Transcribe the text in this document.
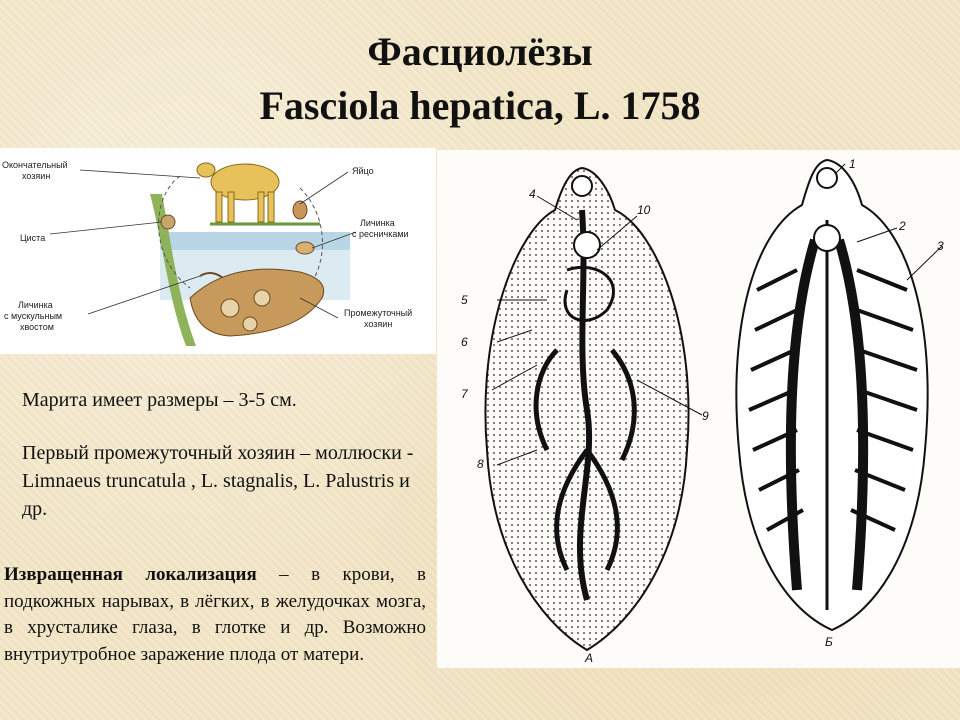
Фасциолёзы
Fasciola hepatica, L. 1758
Окончательный
хозяин
Циста
Личинка
с мускульным
хвостом
Яйцо
Личинка
с ресничками
Промежуточный
хозяин
4
10
5
6
7
8
9
1
2
3
А
Б
Марита имеет размеры – 3-5 см.
Первый промежуточный хозяин – моллюски - Limnaeus truncatula , L. stagnalis, L. Palustris и др.
Извращенная локализация – в крови, в подкожных нарывах, в лёгких, в желудочках мозга, в хрусталике глаза, в глотке и др. Возможно внутриутробное заражение плода от матери.
